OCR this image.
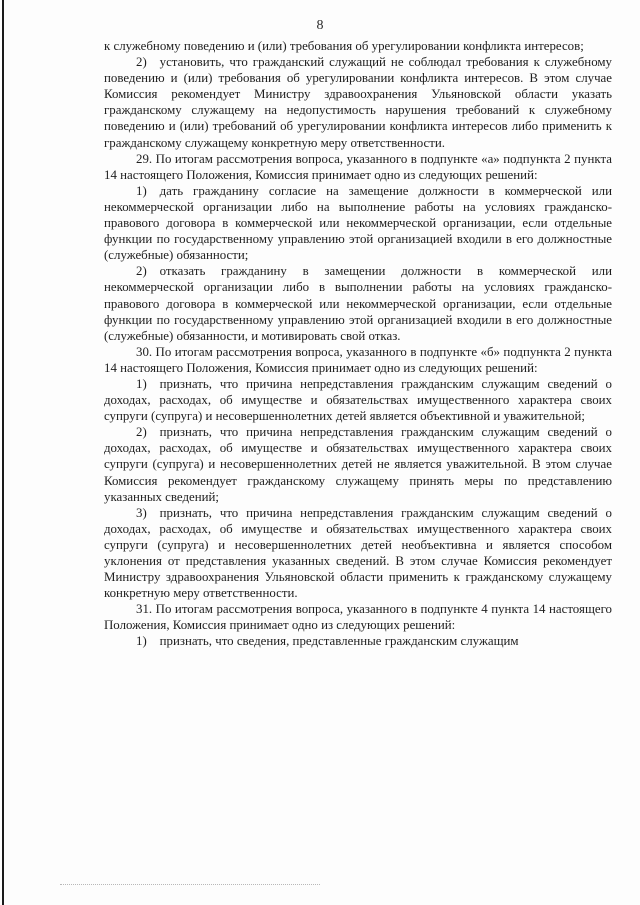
8

к служебному поведению и (или) требования об урегулировании конфликта интересов;

2) установить, что гражданский служащий не соблюдал требования к служебному поведению и (или) требования об урегулировании конфликта интересов. В этом случае Комиссия рекомендует Министру здравоохранения Ульяновской области указать гражданскому служащему на недопустимость нарушения требований к служебному поведению и (или) требований об урегулировании конфликта интересов либо применить к гражданскому служащему конкретную меру ответственности.

29. По итогам рассмотрения вопроса, указанного в подпункте «а» подпункта 2 пункта 14 настоящего Положения, Комиссия принимает одно из следующих решений:

1) дать гражданину согласие на замещение должности в коммерческой или некоммерческой организации либо на выполнение работы на условиях гражданско-правового договора в коммерческой или некоммерческой организации, если отдельные функции по государственному управлению этой организацией входили в его должностные (служебные) обязанности;

2) отказать гражданину в замещении должности в коммерческой или некоммерческой организации либо в выполнении работы на условиях гражданско-правового договора в коммерческой или некоммерческой организации, если отдельные функции по государственному управлению этой организацией входили в его должностные (служебные) обязанности, и мотивировать свой отказ.

30. По итогам рассмотрения вопроса, указанного в подпункте «б» подпункта 2 пункта 14 настоящего Положения, Комиссия принимает одно из следующих решений:

1) признать, что причина непредставления гражданским служащим сведений о доходах, расходах, об имуществе и обязательствах имущественного характера своих супруги (супруга) и несовершеннолетних детей является объективной и уважительной;

2) признать, что причина непредставления гражданским служащим сведений о доходах, расходах, об имуществе и обязательствах имущественного характера своих супруги (супруга) и несовершеннолетних детей не является уважительной. В этом случае Комиссия рекомендует гражданскому служащему принять меры по представлению указанных сведений;

3) признать, что причина непредставления гражданским служащим сведений о доходах, расходах, об имуществе и обязательствах имущественного характера своих супруги (супруга) и несовершеннолетних детей необъективна и является способом уклонения от представления указанных сведений. В этом случае Комиссия рекомендует Министру здравоохранения Ульяновской области применить к гражданскому служащему конкретную меру ответственности.

31. По итогам рассмотрения вопроса, указанного в подпункте 4 пункта 14 настоящего Положения, Комиссия принимает одно из следующих решений:

1) признать, что сведения, представленные гражданским служащим
